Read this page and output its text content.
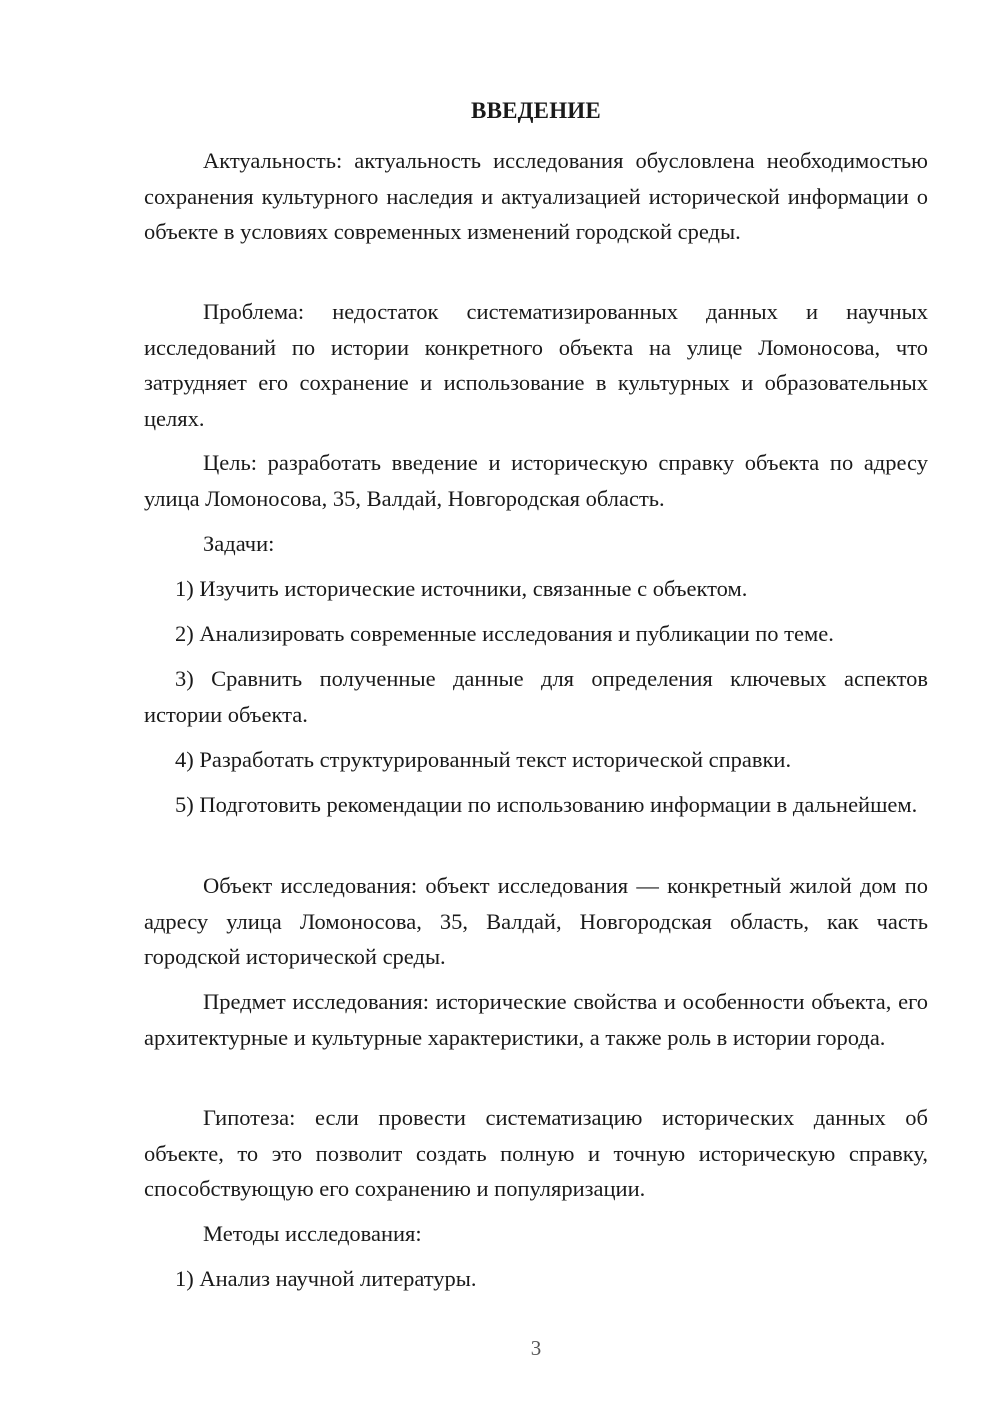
ВВЕДЕНИЕ

Актуальность: актуальность исследования обусловлена необходимостью сохранения культурного наследия и актуализацией исторической информации о объекте в условиях современных изменений городской среды.

Проблема: недостаток систематизированных данных и научных исследований по истории конкретного объекта на улице Ломоносова, что затрудняет его сохранение и использование в культурных и образовательных целях.

Цель: разработать введение и историческую справку объекта по адресу улица Ломоносова, 35, Валдай, Новгородская область.

Задачи:

1) Изучить исторические источники, связанные с объектом.

2) Анализировать современные исследования и публикации по теме.

3) Сравнить полученные данные для определения ключевых аспектов истории объекта.

4) Разработать структурированный текст исторической справки.

5) Подготовить рекомендации по использованию информации в дальнейшем.

Объект исследования: объект исследования — конкретный жилой дом по адресу улица Ломоносова, 35, Валдай, Новгородская область, как часть городской исторической среды.

Предмет исследования: исторические свойства и особенности объекта, его архитектурные и культурные характеристики, а также роль в истории города.

Гипотеза: если провести систематизацию исторических данных об объекте, то это позволит создать полную и точную историческую справку, способствующую его сохранению и популяризации.

Методы исследования:

1) Анализ научной литературы.

3
